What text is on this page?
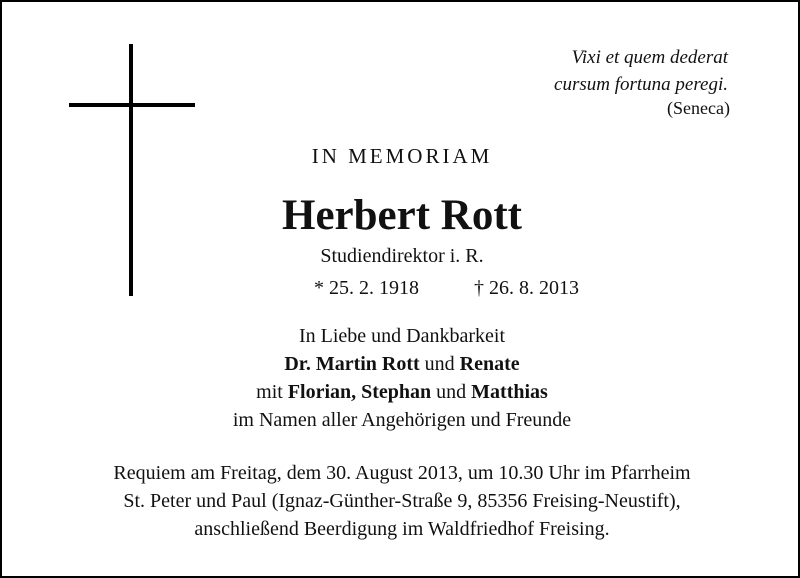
Vixi et quem dederat
cursum fortuna peregi.
(Seneca)
IN MEMORIAM
Herbert Rott
Studiendirektor i. R.
* 25. 2. 1918	† 26. 8. 2013
In Liebe und Dankbarkeit
Dr. Martin Rott und Renate
mit Florian, Stephan und Matthias
im Namen aller Angehörigen und Freunde
Requiem am Freitag, dem 30. August 2013, um 10.30 Uhr im Pfarrheim
St. Peter und Paul (Ignaz-Günther-Straße 9, 85356 Freising-Neustift),
anschließend Beerdigung im Waldfriedhof Freising.
